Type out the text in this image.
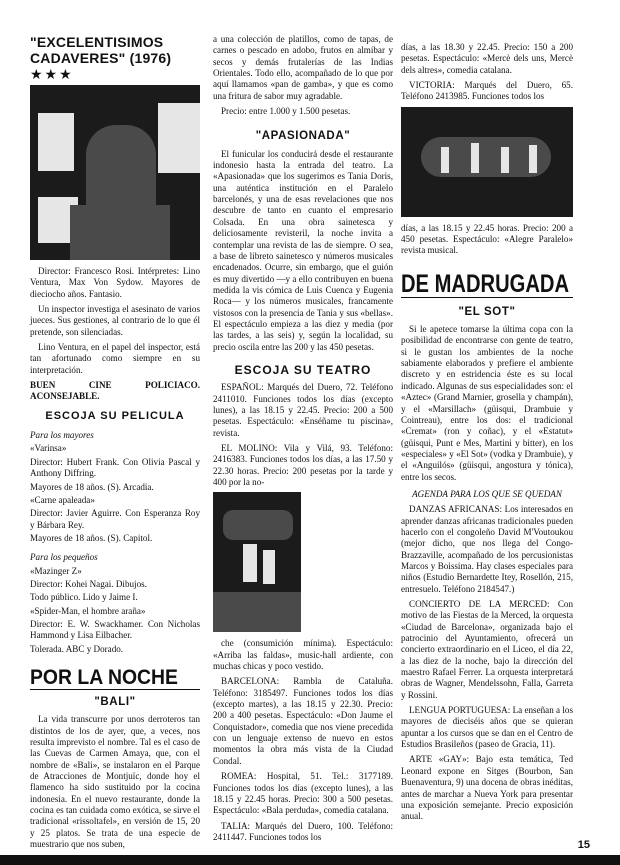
"EXCELENTISIMOS CADAVERES" (1976) ★★★

Director: Francesco Rosi. Intérpretes: Lino Ventura, Max Von Sydow. Mayores de dieciocho años. Fantasio.

Un inspector investiga el asesinato de varios jueces. Sus gestiones, al contrario de lo que él pretende, son silenciadas.

Lino Ventura, en el papel del inspector, está tan afortunado como siempre en su interpretación.

BUEN CINE POLICIACO. ACONSEJABLE.

ESCOJA SU PELICULA
Para los mayores

«Varinsa»

Director: Hubert Frank. Con Olivia Pascal y Anthony Diffring.

Mayores de 18 años. (S). Arcadia.

«Carne apaleada»

Director: Javier Aguirre. Con Esperanza Roy y Bárbara Rey.

Mayores de 18 años. (S). Capitol.

Para los pequeños

«Mazinger Z»

Director: Kohei Nagai. Dibujos.

Todo público. Lido y Jaime I.

«Spider-Man, el hombre araña»

Director: E. W. Swackhamer. Con Nicholas Hammond y Lisa Eilbacher.

Tolerada. ABC y Dorado.

POR LA NOCHE
"BALI"

La vida transcurre por unos derroteros tan distintos de los de ayer, que, a veces, nos resulta imprevisto el nombre. Tal es el caso de las Cuevas de Carmen Amaya, que, con el nombre de «Bali», se instalaron en el Parque de Atracciones de Montjuïc, donde hoy el flamenco ha sido sustituido por la cocina indonesia. En el nuevo restaurante, donde la cocina es tan cuidada como exótica, se sirve el tradicional «rissoltafel», en versión de 15, 20 y 25 platos. Se trata de una especie de muestrario que nos suben,

a una colección de platillos, como de tapas, de carnes o pescado en adobo, frutos en almíbar y secos y demás frutalerías de las Indias Orientales. Todo ello, acompañado de lo que por aquí llamamos «pan de gamba», y que es como una fritura de sabor muy agradable.

Precio: entre 1.000 y 1.500 pesetas.

"APASIONADA"

El funicular los conducirá desde el restaurante indonesio hasta la entrada del teatro. La «Apasionada» que los sugerimos es Tania Doris, una auténtica institución en el Paralelo barcelonés, y una de esas revelaciones que nos descubre de tanto en cuanto el empresario Colsada. En una obra sainetesca y deliciosamente revisteril, la noche invita a contemplar una revista de las de siempre. O sea, a base de libreto sainetesco y números musicales encadenados. Ocurre, sin embargo, que el guión es muy divertido —y a ello contribuyen en buena medida la vis cómica de Luis Cuenca y Eugenia Roca— y los números musicales, francamente vistosos con la presencia de Tania y sus «bellas». El espectáculo empieza a las diez y media (por las tardes, a las seis) y, según la localidad, su precio oscila entre las 200 y las 450 pesetas.

ESCOJA SU TEATRO

ESPAÑOL: Marqués del Duero, 72. Teléfono 2411010. Funciones todos los días (excepto lunes), a las 18.15 y 22.45. Precio: 200 a 500 pesetas. Espectáculo: «Enséñame tu piscina», revista.

EL MOLINO: Vila y Vilá, 93. Teléfono: 2416383. Funciones todos los días, a las 17.50 y 22.30 horas. Precio: 200 pesetas por la tarde y 400 por la no-

che (consumición mínima). Espectáculo: «Arriba las faldas», music-hall ardiente, con muchas chicas y poco vestido.

BARCELONA: Rambla de Cataluña. Teléfono: 3185497. Funciones todos los días (excepto martes), a las 18.15 y 22.30. Precio: 200 a 400 pesetas. Espectáculo: «Don Jaume el Conquistador», comedia que nos viene precedida con un lenguaje extenso de nuevo en estos momentos la obra más vista de la Ciudad Condal.

ROMEA: Hospital, 51. Tel.: 3177189. Funciones todos los días (excepto lunes), a las 18.15 y 22.45 horas. Precio: 300 a 500 pesetas. Espectáculo: «Bala perduda», comedia catalana.

TALIA: Marqués del Duero, 100. Teléfono: 2411447. Funciones todos los

días, a las 18.30 y 22.45. Precio: 150 a 200 pesetas. Espectáculo: «Mercè dels uns, Mercè dels altres», comedia catalana.

VICTORIA: Marqués del Duero, 65. Teléfono 2413985. Funciones todos los

días, a las 18.15 y 22.45 horas. Precio: 200 a 450 pesetas. Espectáculo: «Alegre Paralelo» revista musical.

DE MADRUGADA
"EL SOT"

Si le apetece tomarse la última copa con la posibilidad de encontrarse con gente de teatro, si le gustan los ambientes de la noche sabiamente elaborados y prefiere el ambiente discreto y en estridencia éste es su local indicado. Algunas de sus especialidades son: el «Aztec» (Grand Marnier, grosella y champán), y el «Marsillach» (güisqui, Drambuie y Cointreau), entre los dos: el tradicional «Cremat» (ron y coñac), y el «Estatut» (güisqui, Punt e Mes, Martini y bitter), en los «especiales» y «El Sot» (vodka y Drambuie), y el «Anguilós» (güisqui, angostura y tónica), entre los secos.

AGENDA PARA LOS QUE SE QUEDAN

DANZAS AFRICANAS: Los interesados en aprender danzas africanas tradicionales pueden hacerlo con el congoleño David M'Voutoukou (mejor dicho, que nos llega del Congo-Brazzaville, acompañado de los percusionistas Marcos y Boissima. Hay clases especiales para niños (Estudio Bernardette Itey, Rosellón, 215, entresuelo. Teléfono 2184547.)

CONCIERTO DE LA MERCED: Con motivo de las Fiestas de la Merced, la orquesta «Ciudad de Barcelona», organizada bajo el patrocinio del Ayuntamiento, ofrecerá un concierto extraordinario en el Liceo, el día 22, a las diez de la noche, bajo la dirección del maestro Rafael Ferrer. La orquesta interpretará obras de Wagner, Mendelssohn, Falla, Garreta y Rossini.

LENGUA PORTUGUESA: La enseñan a los mayores de dieciséis años que se quieran apuntar a los cursos que se dan en el Centro de Estudios Brasileños (paseo de Gracia, 11).

ARTE «GAY»: Bajo esta temática, Ted Leonard expone en Sitges (Bourbon, San Buenaventura, 9) una docena de obras inéditas, antes de marchar a Nueva York para presentar una exposición semejante. Precio exposición anual.

15
